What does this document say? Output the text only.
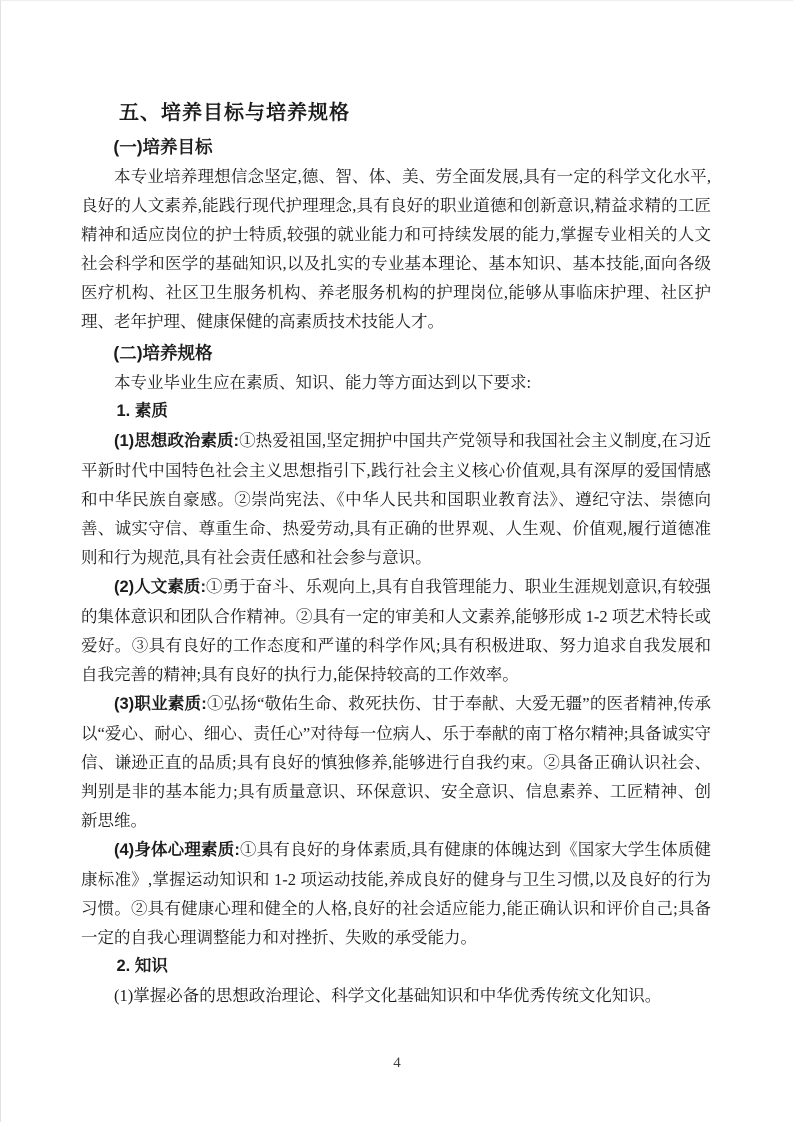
五、培养目标与培养规格
(一)培养目标

本专业培养理想信念坚定,德、智、体、美、劳全面发展,具有一定的科学文化水平,良好的人文素养,能践行现代护理理念,具有良好的职业道德和创新意识,精益求精的工匠精神和适应岗位的护士特质,较强的就业能力和可持续发展的能力,掌握专业相关的人文社会科学和医学的基础知识,以及扎实的专业基本理论、基本知识、基本技能,面向各级医疗机构、社区卫生服务机构、养老服务机构的护理岗位,能够从事临床护理、社区护理、老年护理、健康保健的高素质技术技能人才。

(二)培养规格

本专业毕业生应在素质、知识、能力等方面达到以下要求:

1. 素质

(1)思想政治素质:①热爱祖国,坚定拥护中国共产党领导和我国社会主义制度,在习近平新时代中国特色社会主义思想指引下,践行社会主义核心价值观,具有深厚的爱国情感和中华民族自豪感。②崇尚宪法、《中华人民共和国职业教育法》、遵纪守法、崇德向善、诚实守信、尊重生命、热爱劳动,具有正确的世界观、人生观、价值观,履行道德准则和行为规范,具有社会责任感和社会参与意识。

(2)人文素质:①勇于奋斗、乐观向上,具有自我管理能力、职业生涯规划意识,有较强的集体意识和团队合作精神。②具有一定的审美和人文素养,能够形成 1-2 项艺术特长或爱好。③具有良好的工作态度和严谨的科学作风;具有积极进取、努力追求自我发展和自我完善的精神;具有良好的执行力,能保持较高的工作效率。

(3)职业素质:①弘扬“敬佑生命、救死扶伤、甘于奉献、大爱无疆”的医者精神,传承以“爱心、耐心、细心、责任心”对待每一位病人、乐于奉献的南丁格尔精神;具备诚实守信、谦逊正直的品质;具有良好的慎独修养,能够进行自我约束。②具备正确认识社会、判别是非的基本能力;具有质量意识、环保意识、安全意识、信息素养、工匠精神、创新思维。

(4)身体心理素质:①具有良好的身体素质,具有健康的体魄达到《国家大学生体质健康标准》,掌握运动知识和 1-2 项运动技能,养成良好的健身与卫生习惯,以及良好的行为习惯。②具有健康心理和健全的人格,良好的社会适应能力,能正确认识和评价自己;具备一定的自我心理调整能力和对挫折、失败的承受能力。

2. 知识

(1)掌握必备的思想政治理论、科学文化基础知识和中华优秀传统文化知识。

4
